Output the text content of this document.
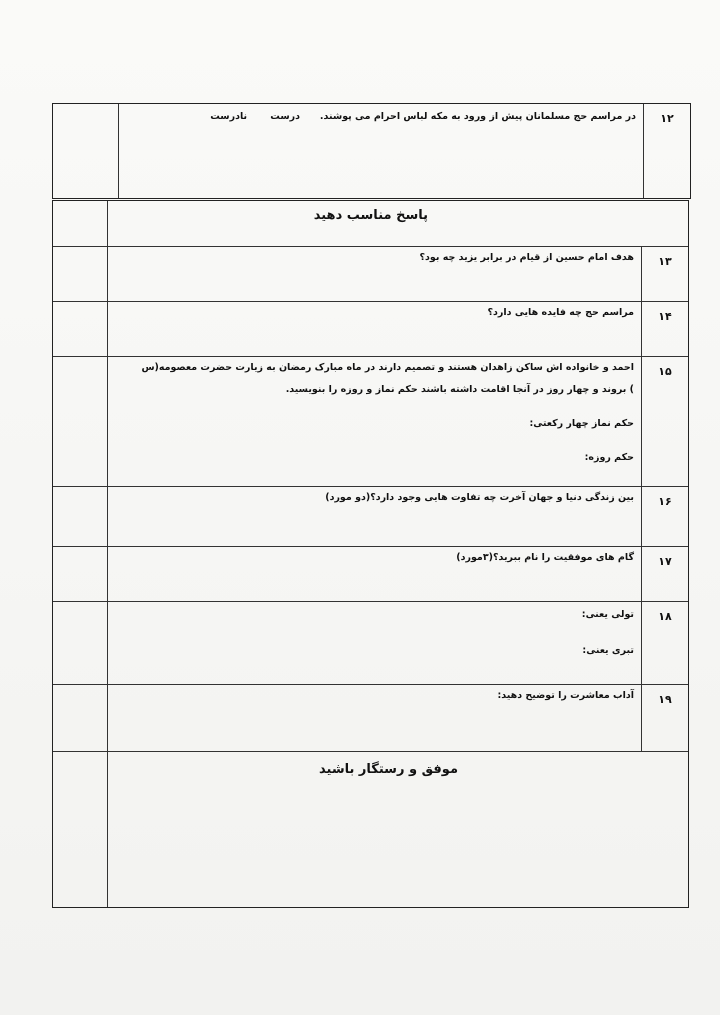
۱۲
در مراسم حج مسلمانان پیش از ورود به مکه لباس احرام می پوشند.      درست       نادرست
پاسخ مناسب دهید
۱۳
هدف امام حسین از قیام در برابر یزید چه بود؟
۱۴
مراسم حج چه فایده هایی دارد؟
۱۵

احمد و خانواده اش ساکن زاهدان هستند و تصمیم دارند در ماه مبارک رمضان به زیارت حضرت معصومه(س ) بروند و چهار روز در آنجا اقامت داشته باشند حکم نماز و روزه را بنویسید.

حکم نماز چهار رکعتی:

حکم روزه:

۱۶
بین زندگی دنیا و جهان آخرت چه تفاوت هایی وجود دارد؟(دو مورد)
۱۷
گام های موفقیت را نام ببرید؟(۳مورد)
۱۸

تولی یعنی:

تبری یعنی:

۱۹
آداب معاشرت را توضیح دهید:
موفق و رستگار باشید
